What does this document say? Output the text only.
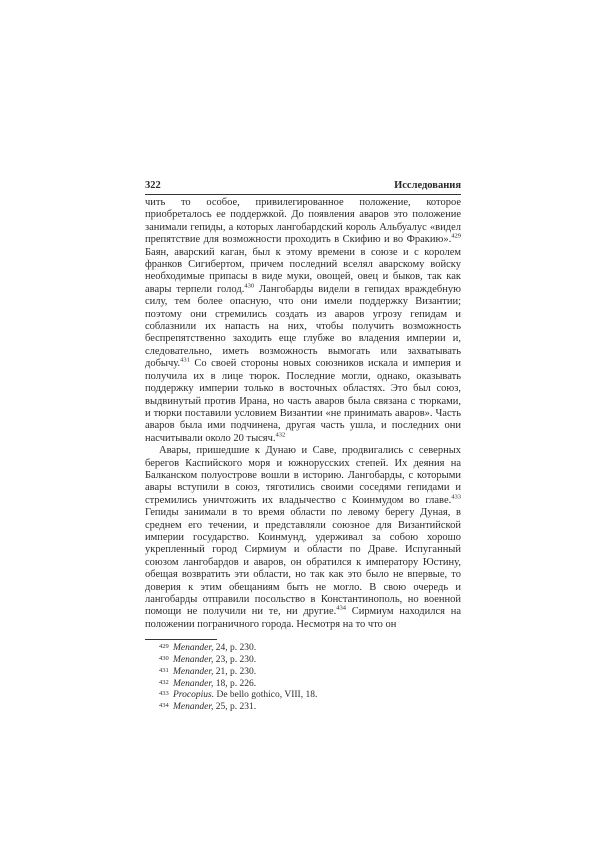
322	Исследования

чить то особое, привилегированное положение, которое приобреталось ее поддержкой. До появления аваров это положение занимали гепиды, а которых лангобардский король Альбуалус «видел препятствие для возможности проходить в Скифию и во Фракию».$^{429}$ Баян, аварский каган, был к этому времени в союзе и с королем франков Сигибертом, причем последний вселял аварскому войску необходимые припасы в виде муки, овощей, овец и быков, так как авары терпели голод.$^{430}$ Лангобарды видели в гепидах враждебную силу, тем более опасную, что они имели поддержку Византии; поэтому они стремились создать из аваров угрозу гепидам и соблазнили их напасть на них, чтобы получить возможность беспрепятственно заходить еще глубже во владения империи и, следовательно, иметь возможность вымогать или захватывать добычу.$^{431}$ Со своей стороны новых союзников искала и империя и получила их в лице тюрок. Последние могли, однако, оказывать поддержку империи только в восточных областях. Это был союз, выдвинутый против Ирана, но часть аваров была связана с тюрками, и тюрки поставили условием Византии «не принимать аваров». Часть аваров была ими подчинена, другая часть ушла, и последних они насчитывали около 20 тысяч.$^{432}$

Авары, пришедшие к Дунаю и Саве, продвигались с северных берегов Каспийского моря и южнорусских степей. Их деяния на Балканском полуострове вошли в историю. Лангобарды, с которыми авары вступили в союз, тяготились своими соседями гепидами и стремились уничтожить их владычество с Коинмудом во главе.$^{433}$ Гепиды занимали в то время области по левому берегу Дуная, в среднем его течении, и представляли союзное для Византийской империи государство. Коинмунд, удерживал за собою хорошо укрепленный город Сирмиум и области по Драве. Испуганный союзом лангобардов и аваров, он обратился к императору Юстину, обещая возвратить эти области, но так как это было не впервые, то доверия к этим обещаниям быть не могло. В свою очередь и лангобарды отправили посольство в Константинополь, но военной помощи не получили ни те, ни другие.$^{434}$ Сирмиум находился на положении пограничного города. Несмотря на то что он

429 Menander, 24, p. 230.
430 Menander, 23, p. 230.
431 Menander, 21, p. 230.
432 Menander, 18, p. 226.
433 Procopius. De bello gothico, VIII, 18.
434 Menander, 25, p. 231.
